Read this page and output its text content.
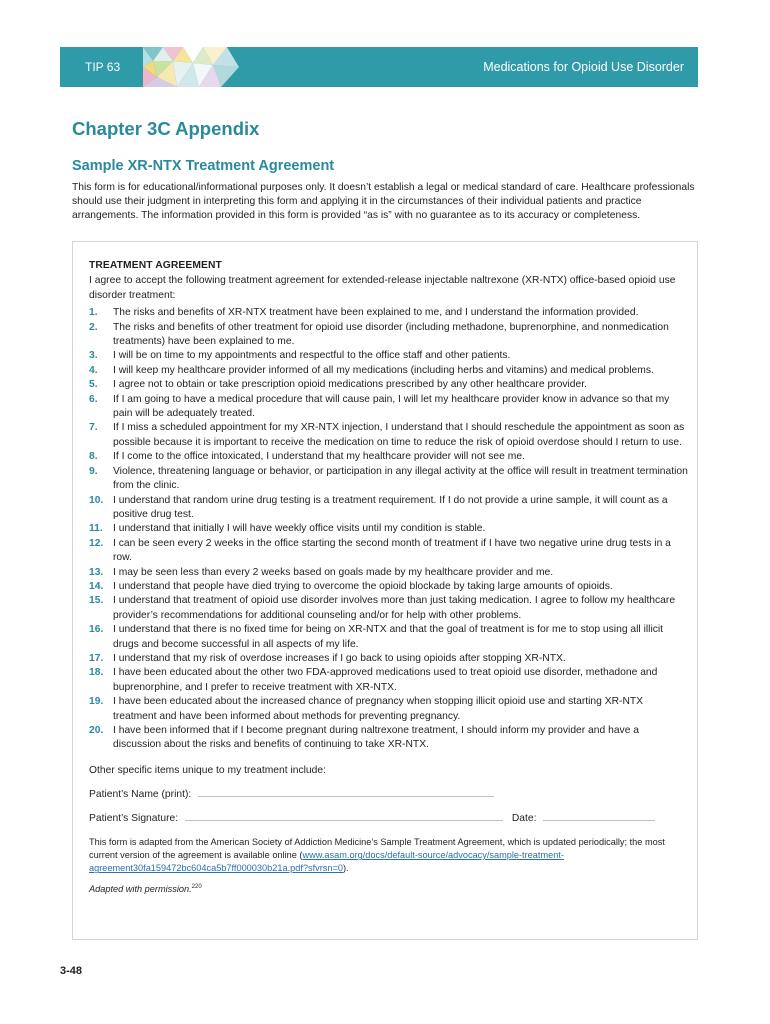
TIP 63	Medications for Opioid Use Disorder
Chapter 3C Appendix
Sample XR-NTX Treatment Agreement
This form is for educational/informational purposes only. It doesn’t establish a legal or medical standard of care. Healthcare professionals should use their judgment in interpreting this form and applying it in the circumstances of their individual patients and practice arrangements. The information provided in this form is provided “as is” with no guarantee as to its accuracy or completeness.
TREATMENT AGREEMENT
I agree to accept the following treatment agreement for extended-release injectable naltrexone (XR-NTX) office-based opioid use disorder treatment:
1.	The risks and benefits of XR-NTX treatment have been explained to me, and I understand the information provided.
2.	The risks and benefits of other treatment for opioid use disorder (including methadone, buprenorphine, and nonmedication treatments) have been explained to me.
3.	I will be on time to my appointments and respectful to the office staff and other patients.
4.	I will keep my healthcare provider informed of all my medications (including herbs and vitamins) and medical problems.
5.	I agree not to obtain or take prescription opioid medications prescribed by any other healthcare provider.
6.	If I am going to have a medical procedure that will cause pain, I will let my healthcare provider know in advance so that my pain will be adequately treated.
7.	If I miss a scheduled appointment for my XR-NTX injection, I understand that I should reschedule the appointment as soon as possible because it is important to receive the medication on time to reduce the risk of opioid overdose should I return to use.
8.	If I come to the office intoxicated, I understand that my healthcare provider will not see me.
9.	Violence, threatening language or behavior, or participation in any illegal activity at the office will result in treatment termination from the clinic.
10. I understand that random urine drug testing is a treatment requirement. If I do not provide a urine sample, it will count as a positive drug test.
11. I understand that initially I will have weekly office visits until my condition is stable.
12. I can be seen every 2 weeks in the office starting the second month of treatment if I have two negative urine drug tests in a row.
13. I may be seen less than every 2 weeks based on goals made by my healthcare provider and me.
14. I understand that people have died trying to overcome the opioid blockade by taking large amounts of opioids.
15. I understand that treatment of opioid use disorder involves more than just taking medication. I agree to follow my healthcare provider’s recommendations for additional counseling and/or for help with other problems.
16. I understand that there is no fixed time for being on XR-NTX and that the goal of treatment is for me to stop using all illicit drugs and become successful in all aspects of my life.
17. I understand that my risk of overdose increases if I go back to using opioids after stopping XR-NTX.
18. I have been educated about the other two FDA-approved medications used to treat opioid use disorder, methadone and buprenorphine, and I prefer to receive treatment with XR-NTX.
19. I have been educated about the increased chance of pregnancy when stopping illicit opioid use and starting XR-NTX treatment and have been informed about methods for preventing pregnancy.
20. I have been informed that if I become pregnant during naltrexone treatment, I should inform my provider and have a discussion about the risks and benefits of continuing to take XR-NTX.
Other specific items unique to my treatment include:
Patient’s Name (print):
Patient’s Signature:	Date:
This form is adapted from the American Society of Addiction Medicine’s Sample Treatment Agreement, which is updated periodically; the most current version of the agreement is available online (www.asam.org/docs/default-source/advocacy/sample-treatment-agreement30fa159472bc604ca5b7ff000030b21a.pdf?sfvrsn=0).
Adapted with permission.$^{220}$
3-48
